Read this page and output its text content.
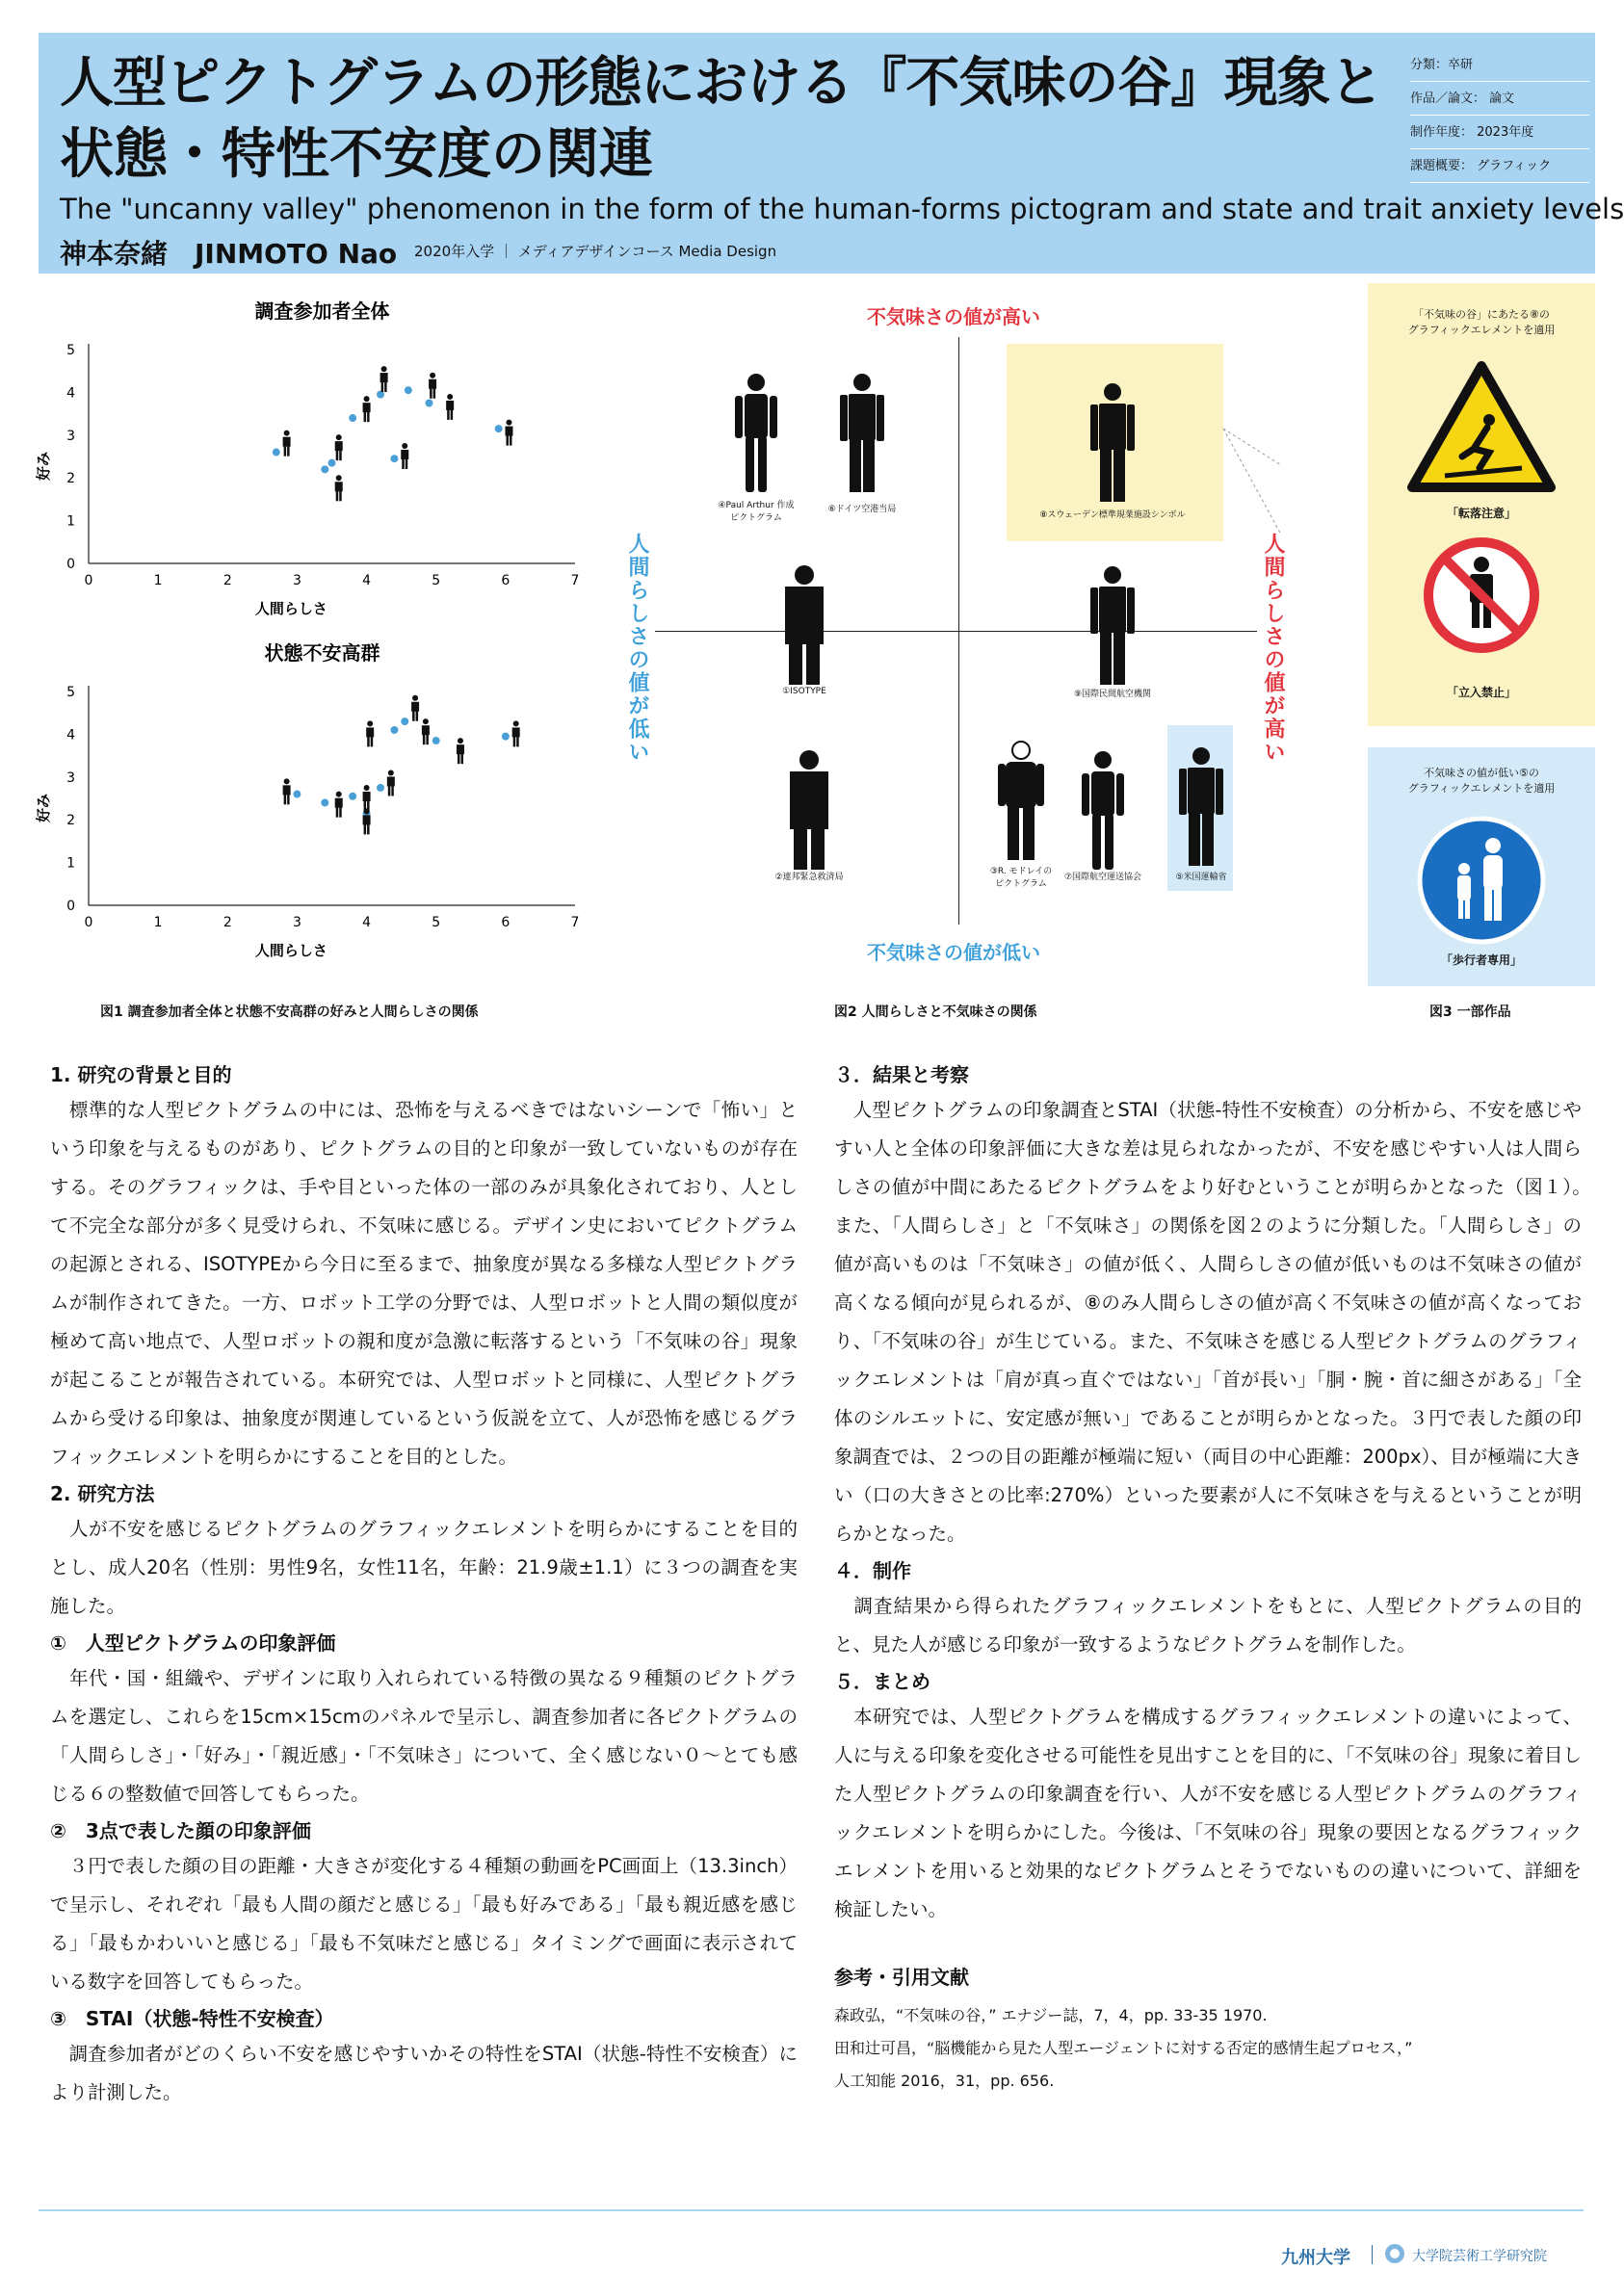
人型ピクトグラムの形態における『不気味の谷』現象と
状態・特性不安度の関連
The "uncanny valley" phenomenon in the form of the human-forms pictogram and state and trait anxiety levels
神本奈緒　JINMOTO Nao 2020年入学 ｜ メディアデザインコース Media Design
分類：卒研
作品／論文： 論文
制作年度： 2023年度
課題概要： グラフィック
調査参加者全体
0	1	2	3	4	5	6	7
0
1
2
3
4
5
人間らしさ
好み
状態不安高群
0	1	2	3	4	5	6	7
0
1
2
3
4
5
人間らしさ
好み
図1 調査参加者全体と状態不安高群の好みと人間らしさの関係
不気味さの値が高い
不気味さの値が低い
人間らしさの値が低い	人間らしさの値が高い
④Paul Arthur 作成
ピクトグラム
⑥ドイツ空港当局
⑧スウェーデン標準規業施設シンボル
①ISOTYPE	⑨国際民間航空機関
②連邦緊急救済局
③R. モドレイの
ピクトグラム
⑦国際航空運送協会	⑤米国運輸省
図2 人間らしさと不気味さの関係
「不気味の谷」にあたる⑧の
グラフィックエレメントを適用
「転落注意」
「立入禁止」
不気味さの値が低い⑤の
グラフィックエレメントを適用
「歩行者専用」
図3 一部作品
1. 研究の背景と目的
　標準的な人型ピクトグラムの中には、恐怖を与えるべきではないシーンで「怖い」という印象を与えるものがあり、ピクトグラムの目的と印象が一致していないものが存在する。そのグラフィックは、手や目といった体の一部のみが具象化されており、人として不完全な部分が多く見受けられ、不気味に感じる。デザイン史においてピクトグラムの起源とされる、ISOTYPEから今日に至るまで、抽象度が異なる多様な人型ピクトグラムが制作されてきた。一方、ロボット工学の分野では、人型ロボットと人間の類似度が極めて高い地点で、人型ロボットの親和度が急激に転落するという「不気味の谷」現象が起こることが報告されている。本研究では、人型ロボットと同様に、人型ピクトグラムから受ける印象は、抽象度が関連しているという仮説を立て、人が恐怖を感じるグラフィックエレメントを明らかにすることを目的とした。
2. 研究方法
　人が不安を感じるピクトグラムのグラフィックエレメントを明らかにすることを目的とし、成人20名（性別：男性9名，女性11名，年齢：21.9歳±1.1）に３つの調査を実施した。
①　人型ピクトグラムの印象評価
　年代・国・組織や、デザインに取り入れられている特徴の異なる９種類のピクトグラムを選定し、これらを15cm×15cmのパネルで呈示し、調査参加者に各ピクトグラムの「人間らしさ」・「好み」・「親近感」・「不気味さ」について、全く感じない０～とても感じる６の整数値で回答してもらった。
②　3点で表した顔の印象評価
　３円で表した顔の目の距離・大きさが変化する４種類の動画をPC画面上（13.3inch）で呈示し、それぞれ「最も人間の顔だと感じる」「最も好みである」「最も親近感を感じる」「最もかわいいと感じる」「最も不気味だと感じる」タイミングで画面に表示されている数字を回答してもらった。
③　STAI（状態-特性不安検査）
　調査参加者がどのくらい不安を感じやすいかその特性をSTAI（状態-特性不安検査）により計測した。
３．結果と考察
　人型ピクトグラムの印象調査とSTAI（状態-特性不安検査）の分析から、不安を感じやすい人と全体の印象評価に大きな差は見られなかったが、不安を感じやすい人は人間らしさの値が中間にあたるピクトグラムをより好むということが明らかとなった（図１）。　また、「人間らしさ」と「不気味さ」の関係を図２のように分類した。「人間らしさ」の値が高いものは「不気味さ」の値が低く、人間らしさの値が低いものは不気味さの値が高くなる傾向が見られるが、⑧のみ人間らしさの値が高く不気味さの値が高くなっており、「不気味の谷」が生じている。また、不気味さを感じる人型ピクトグラムのグラフィックエレメントは「肩が真っ直ぐではない」「首が長い」「胴・腕・首に細さがある」「全体のシルエットに、安定感が無い」であることが明らかとなった。３円で表した顔の印象調査では、２つの目の距離が極端に短い（両目の中心距離：200px）、目が極端に大きい（口の大きさとの比率:270%）といった要素が人に不気味さを与えるということが明らかとなった。
４．制作
　調査結果から得られたグラフィックエレメントをもとに、人型ピクトグラムの目的と、見た人が感じる印象が一致するようなピクトグラムを制作した。
５．まとめ
　本研究では、人型ピクトグラムを構成するグラフィックエレメントの違いによって、人に与える印象を変化させる可能性を見出すことを目的に、「不気味の谷」現象に着目した人型ピクトグラムの印象調査を行い、人が不安を感じる人型ピクトグラムのグラフィックエレメントを明らかにした。今後は、「不気味の谷」現象の要因となるグラフィックエレメントを用いると効果的なピクトグラムとそうでないものの違いについて、詳細を検証したい。
参考・引用文献
森政弘，“不気味の谷，” エナジー誌，7，4，pp. 33-35 1970.
田和辻可昌，“脳機能から見た人型エージェントに対する否定的感情生起プロセス，”
人工知能 2016，31，pp. 656.
九州大学	大学院芸術工学研究院
